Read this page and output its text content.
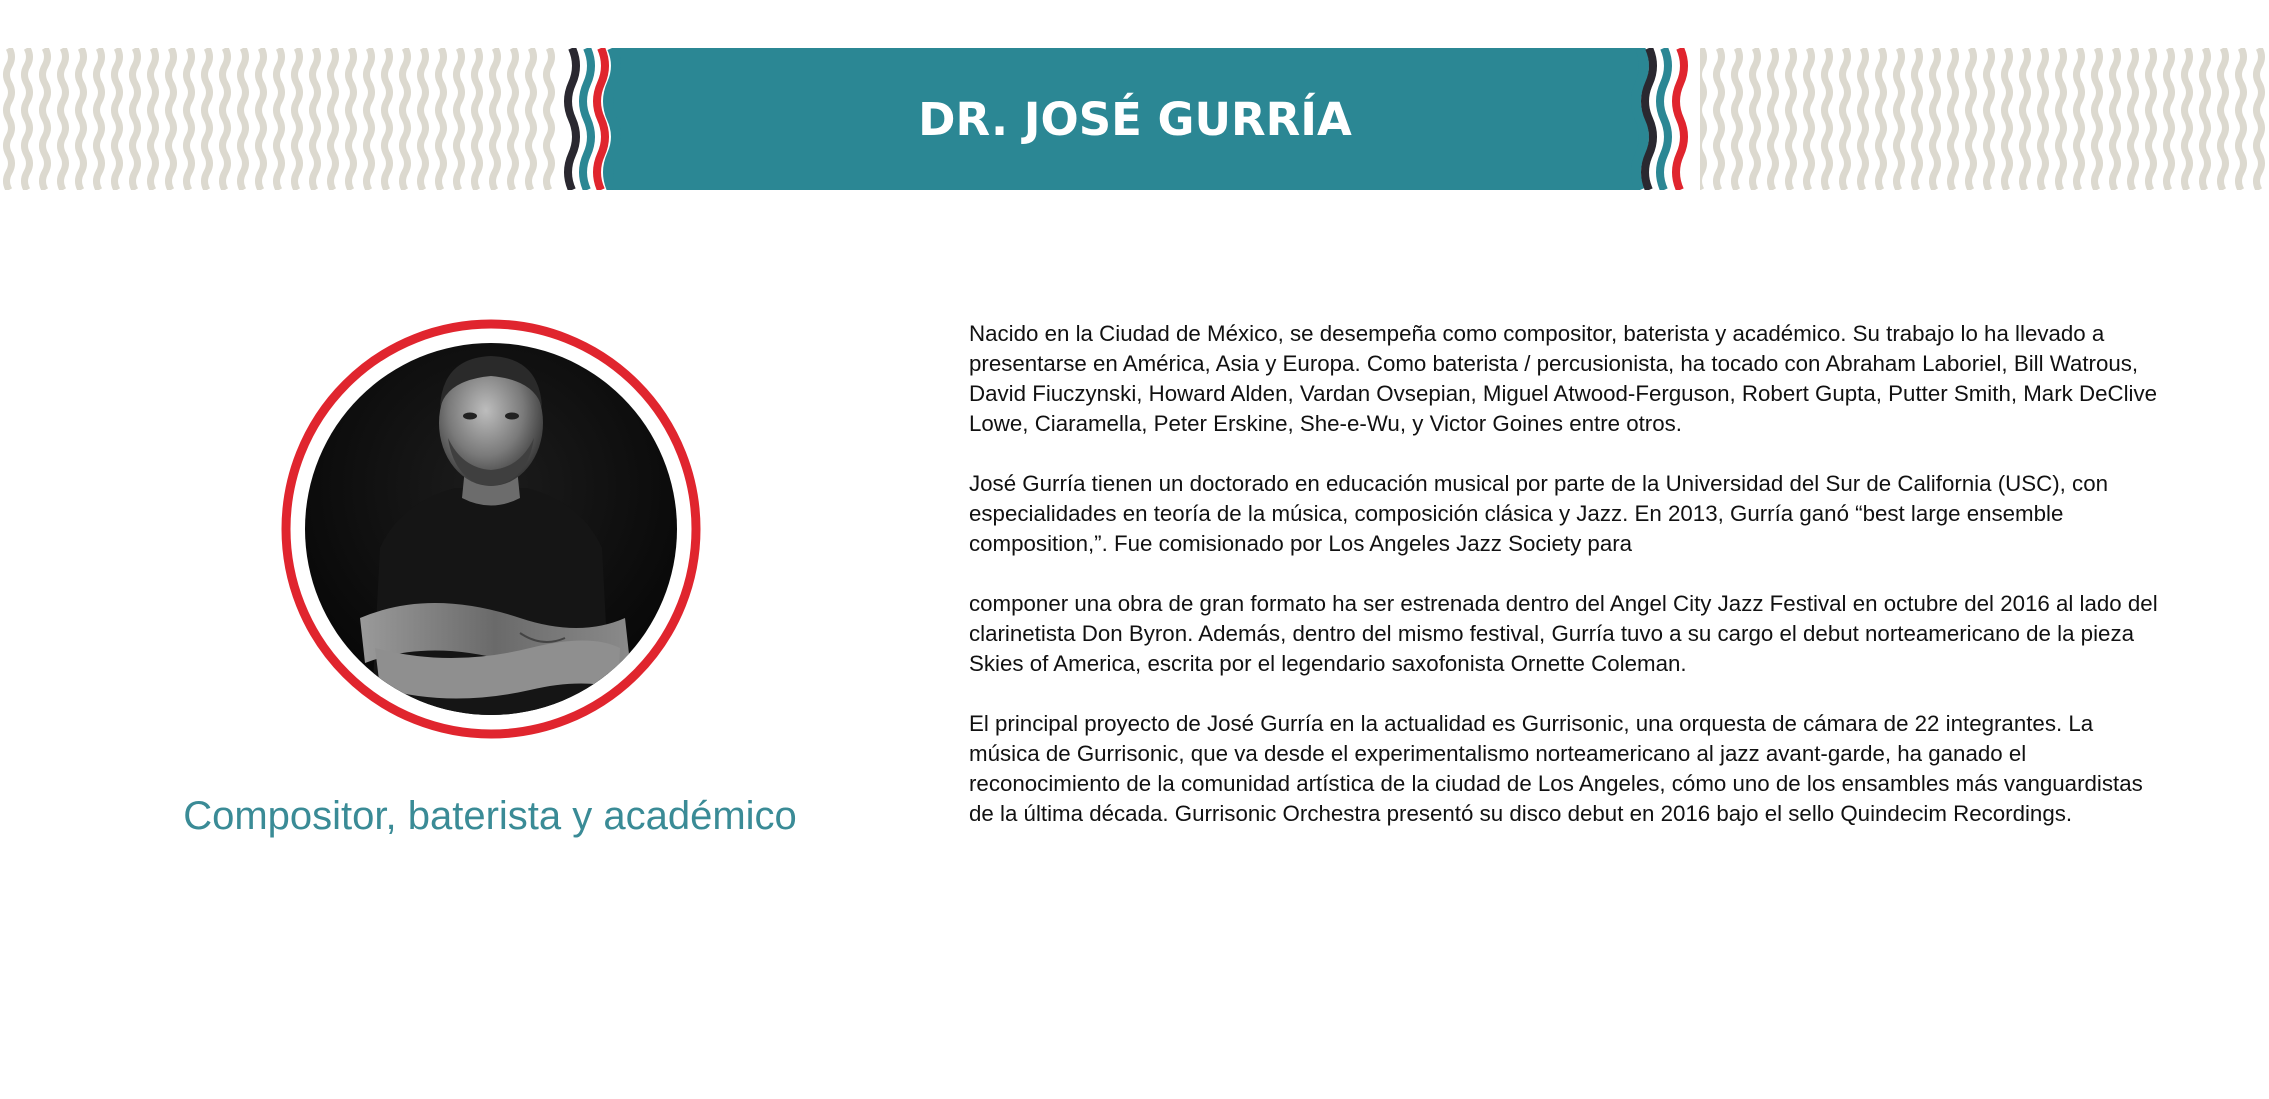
DR. JOSÉ GURRÍA
Compositor, baterista y académico

Nacido en la Ciudad de México, se desempeña como compositor, baterista y académico. Su trabajo lo ha llevado a presentarse en América, Asia y Europa. Como baterista / percusionista, ha tocado con Abraham Laboriel, Bill Watrous, David Fiuczynski, Howard Alden, Vardan Ovsepian, Miguel Atwood-Ferguson, Robert Gupta, Putter Smith, Mark DeClive Lowe, Ciaramella, Peter Erskine, She-e-Wu, y Victor Goines entre otros.

José Gurría tienen un doctorado en educación musical por parte de la Universidad del Sur de California (USC), con especialidades en teoría de la música, composición clásica y Jazz. En 2013, Gurría ganó “best large ensemble composition,”. Fue comisionado por Los Angeles Jazz Society para

componer una obra de gran formato ha ser estrenada dentro del Angel City Jazz Festival en octubre del 2016 al lado del clarinetista Don Byron. Además, dentro del mismo festival, Gurría tuvo a su cargo el debut norteamericano de la pieza Skies of America, escrita por el legendario saxofonista Ornette Coleman.

El principal proyecto de José Gurría en la actualidad es Gurrisonic, una orquesta de cámara de 22 integrantes. La música de Gurrisonic, que va desde el experimentalismo norteamericano al jazz avant-garde, ha ganado el reconocimiento de la comunidad artística de la ciudad de Los Angeles, cómo uno de los ensambles más vanguardistas de la última década. Gurrisonic Orchestra presentó su disco debut en 2016 bajo el sello Quindecim Recordings.
